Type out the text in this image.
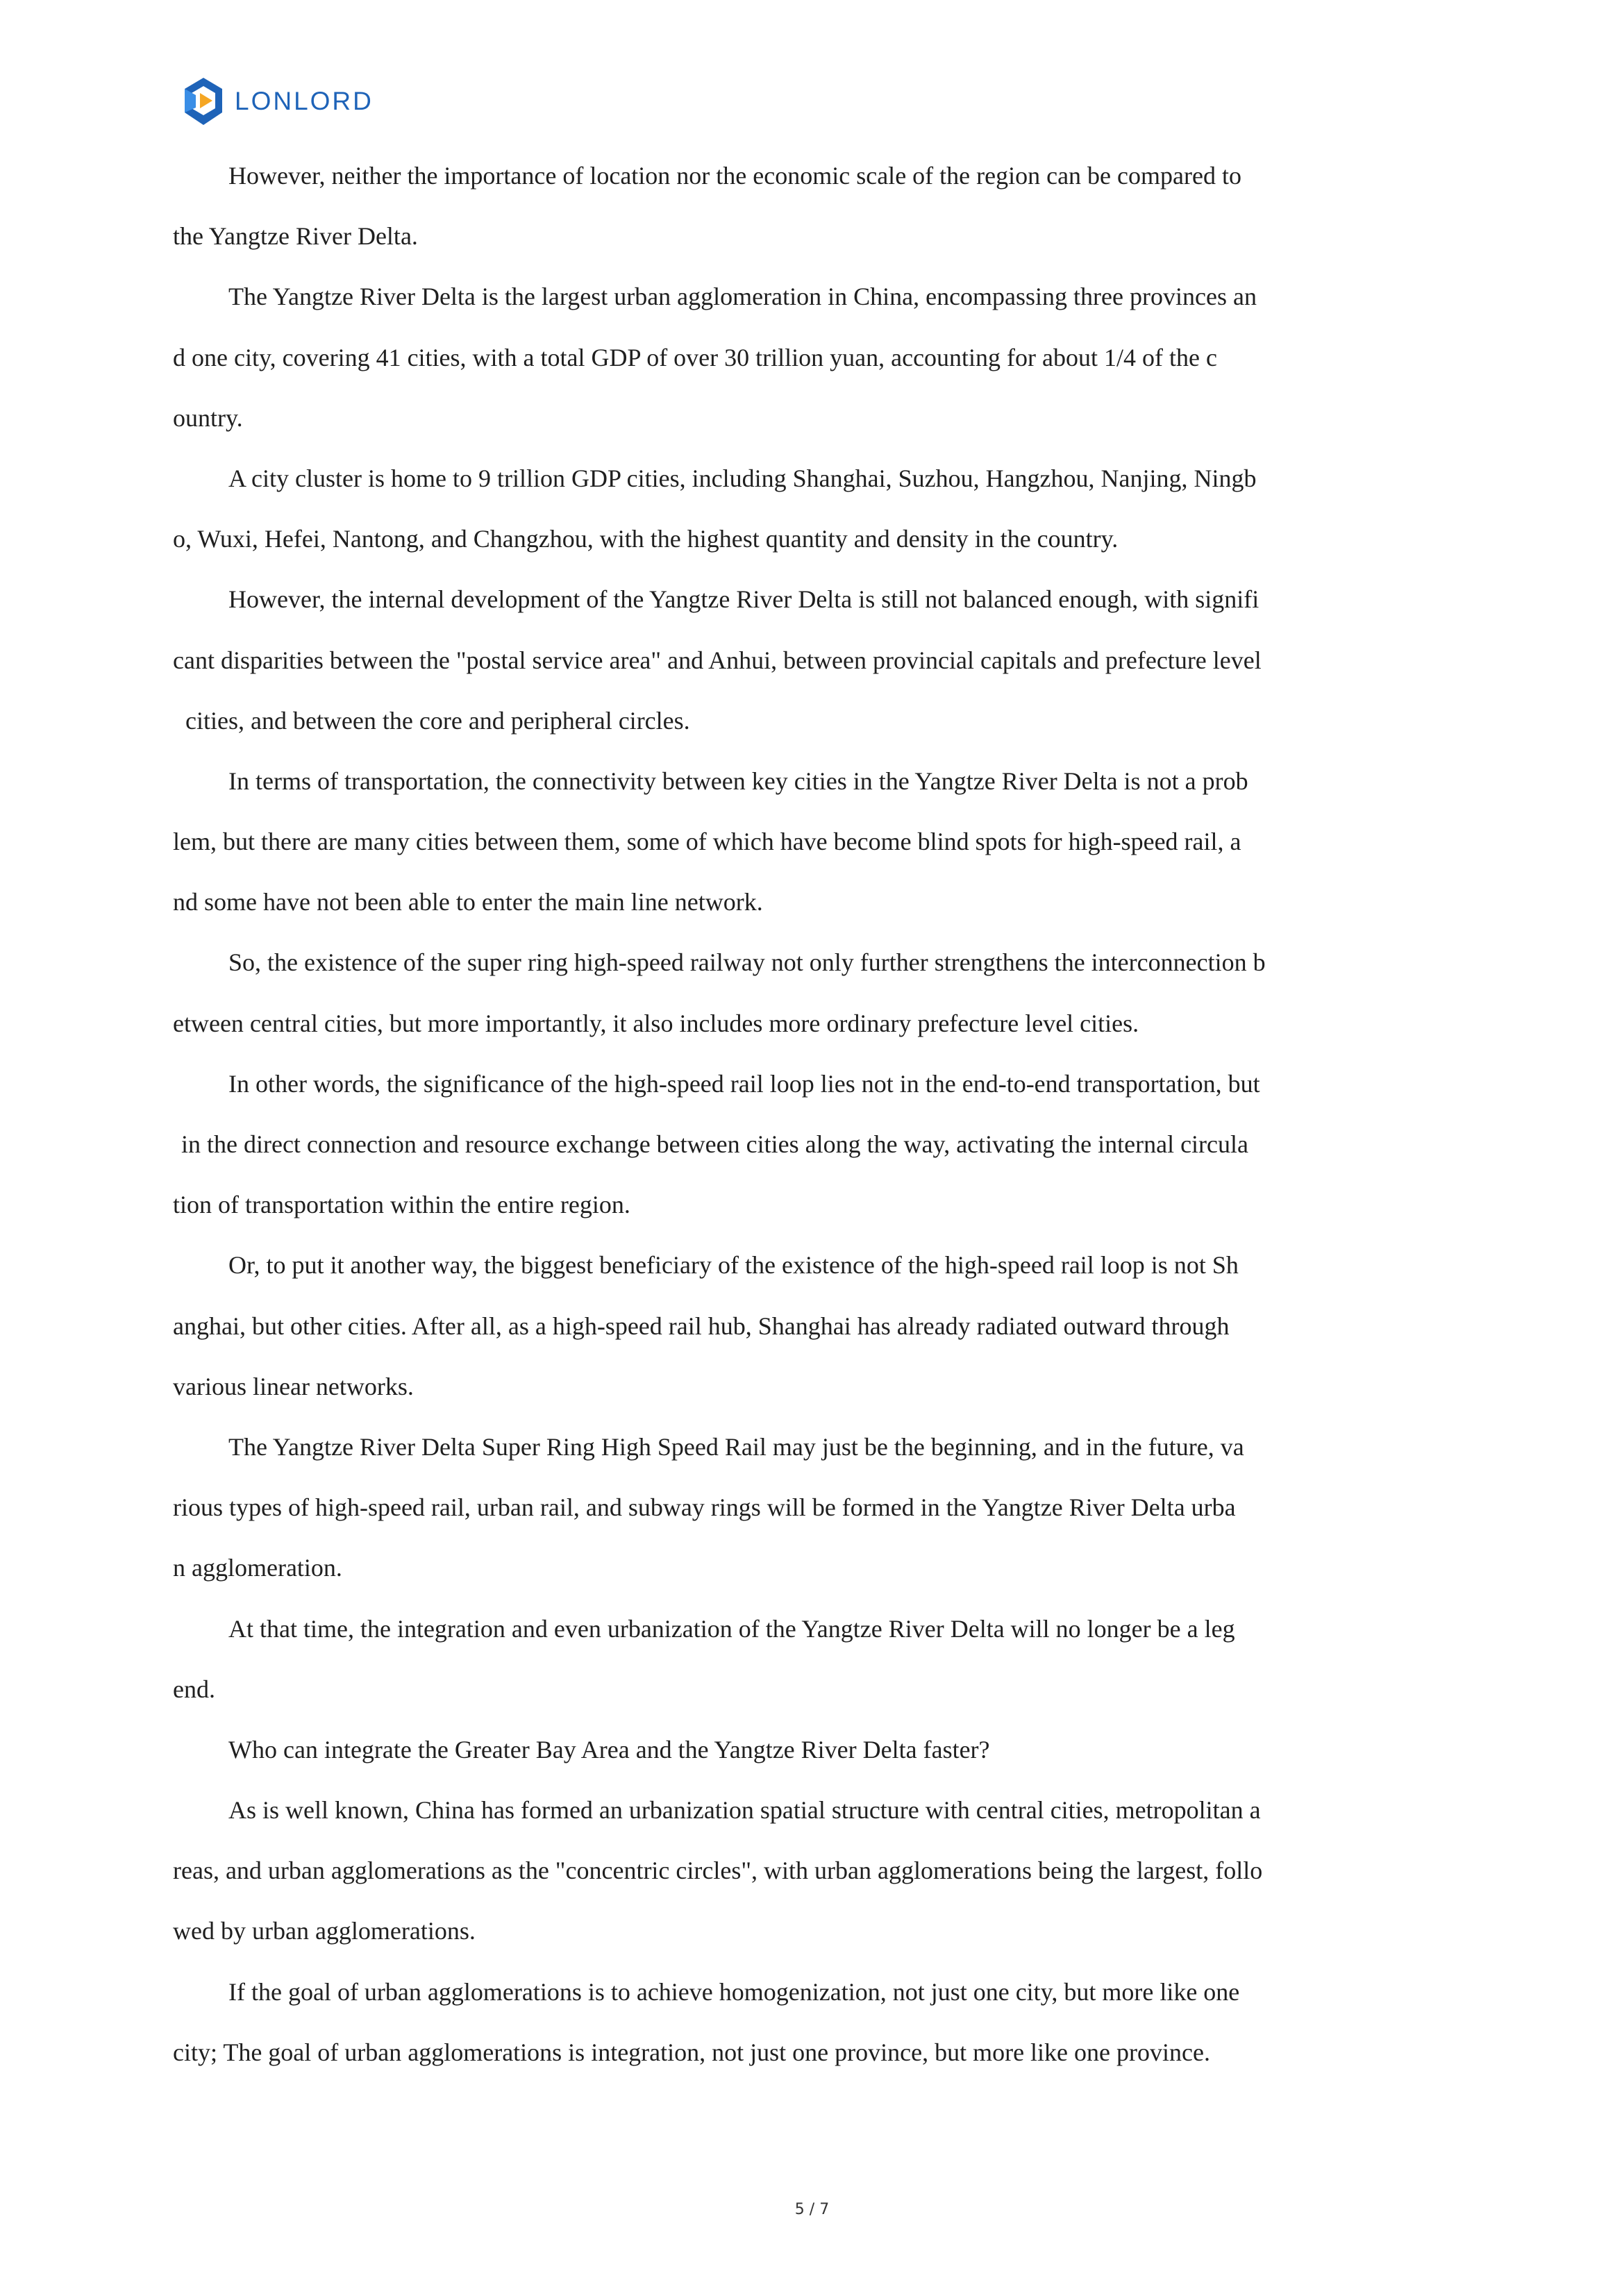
LONLORD
However, neither the importance of location nor the economic scale of the region can be compared to
the Yangtze River Delta.
The Yangtze River Delta is the largest urban agglomeration in China, encompassing three provinces an
d one city, covering 41 cities, with a total GDP of over 30 trillion yuan, accounting for about 1/4 of the c
ountry.
A city cluster is home to 9 trillion GDP cities, including Shanghai, Suzhou, Hangzhou, Nanjing, Ningb
o, Wuxi, Hefei, Nantong, and Changzhou, with the highest quantity and density in the country.
However, the internal development of the Yangtze River Delta is still not balanced enough, with signifi
cant disparities between the "postal service area" and Anhui, between provincial capitals and prefecture level
cities, and between the core and peripheral circles.
In terms of transportation, the connectivity between key cities in the Yangtze River Delta is not a prob
lem, but there are many cities between them, some of which have become blind spots for high-speed rail, a
nd some have not been able to enter the main line network.
So, the existence of the super ring high-speed railway not only further strengthens the interconnection b
etween central cities, but more importantly, it also includes more ordinary prefecture level cities.
In other words, the significance of the high-speed rail loop lies not in the end-to-end transportation, but
in the direct connection and resource exchange between cities along the way, activating the internal circula
tion of transportation within the entire region.
Or, to put it another way, the biggest beneficiary of the existence of the high-speed rail loop is not Sh
anghai, but other cities. After all, as a high-speed rail hub, Shanghai has already radiated outward through
various linear networks.
The Yangtze River Delta Super Ring High Speed Rail may just be the beginning, and in the future, va
rious types of high-speed rail, urban rail, and subway rings will be formed in the Yangtze River Delta urba
n agglomeration.
At that time, the integration and even urbanization of the Yangtze River Delta will no longer be a leg
end.
Who can integrate the Greater Bay Area and the Yangtze River Delta faster?
As is well known, China has formed an urbanization spatial structure with central cities, metropolitan a
reas, and urban agglomerations as the "concentric circles", with urban agglomerations being the largest, follo
wed by urban agglomerations.
If the goal of urban agglomerations is to achieve homogenization, not just one city, but more like one
city; The goal of urban agglomerations is integration, not just one province, but more like one province.
5 / 7
